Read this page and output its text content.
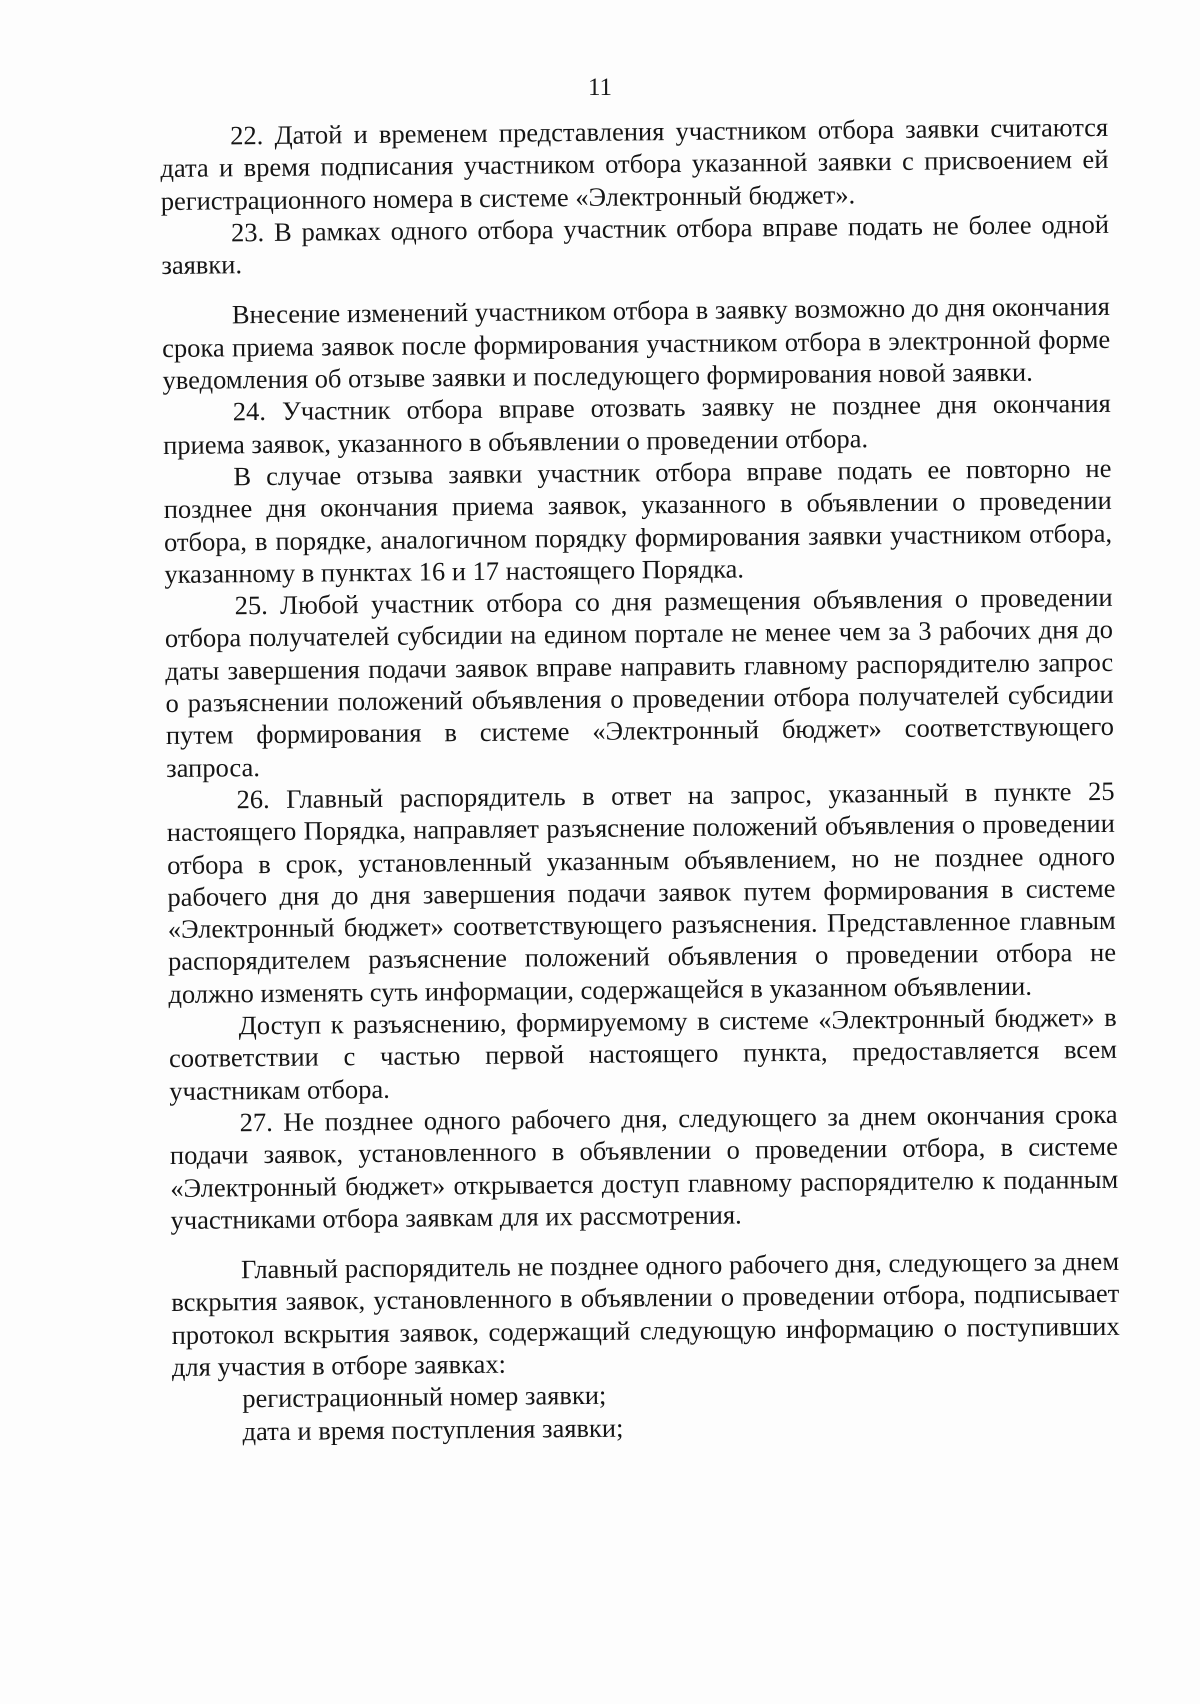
11

22. Датой и временем представления участником отбора заявки считаются дата и время подписания участником отбора указанной заявки с присвоением ей регистрационного номера в системе «Электронный бюджет».

23. В рамках одного отбора участник отбора вправе подать не более одной заявки.

Внесение изменений участником отбора в заявку возможно до дня окончания срока приема заявок после формирования участником отбора в электронной форме уведомления об отзыве заявки и последующего формирования новой заявки.

24. Участник отбора вправе отозвать заявку не позднее дня окончания приема заявок, указанного в объявлении о проведении отбора.

В случае отзыва заявки участник отбора вправе подать ее повторно не позднее дня окончания приема заявок, указанного в объявлении о проведении отбора, в порядке, аналогичном порядку формирования заявки участником отбора, указанному в пунктах 16 и 17 настоящего Порядка.

25. Любой участник отбора со дня размещения объявления о проведении отбора получателей субсидии на едином портале не менее чем за 3 рабочих дня до даты завершения подачи заявок вправе направить главному распорядителю запрос о разъяснении положений объявления о проведении отбора получателей субсидии путем формирования в системе «Электронный бюджет» соответствующего запроса.

26. Главный распорядитель в ответ на запрос, указанный в пункте 25 настоящего Порядка, направляет разъяснение положений объявления о проведении отбора в срок, установленный указанным объявлением, но не позднее одного рабочего дня до дня завершения подачи заявок путем формирования в системе «Электронный бюджет» соответствующего разъяснения. Представленное главным распорядителем разъяснение положений объявления о проведении отбора не должно изменять суть информации, содержащейся в указанном объявлении.

Доступ к разъяснению, формируемому в системе «Электронный бюджет» в соответствии с частью первой настоящего пункта, предоставляется всем участникам отбора.

27. Не позднее одного рабочего дня, следующего за днем окончания срока подачи заявок, установленного в объявлении о проведении отбора, в системе «Электронный бюджет» открывается доступ главному распорядителю к поданным участниками отбора заявкам для их рассмотрения.

Главный распорядитель не позднее одного рабочего дня, следующего за днем вскрытия заявок, установленного в объявлении о проведении отбора, подписывает протокол вскрытия заявок, содержащий следующую информацию о поступивших для участия в отборе заявках:

регистрационный номер заявки;

дата и время поступления заявки;
